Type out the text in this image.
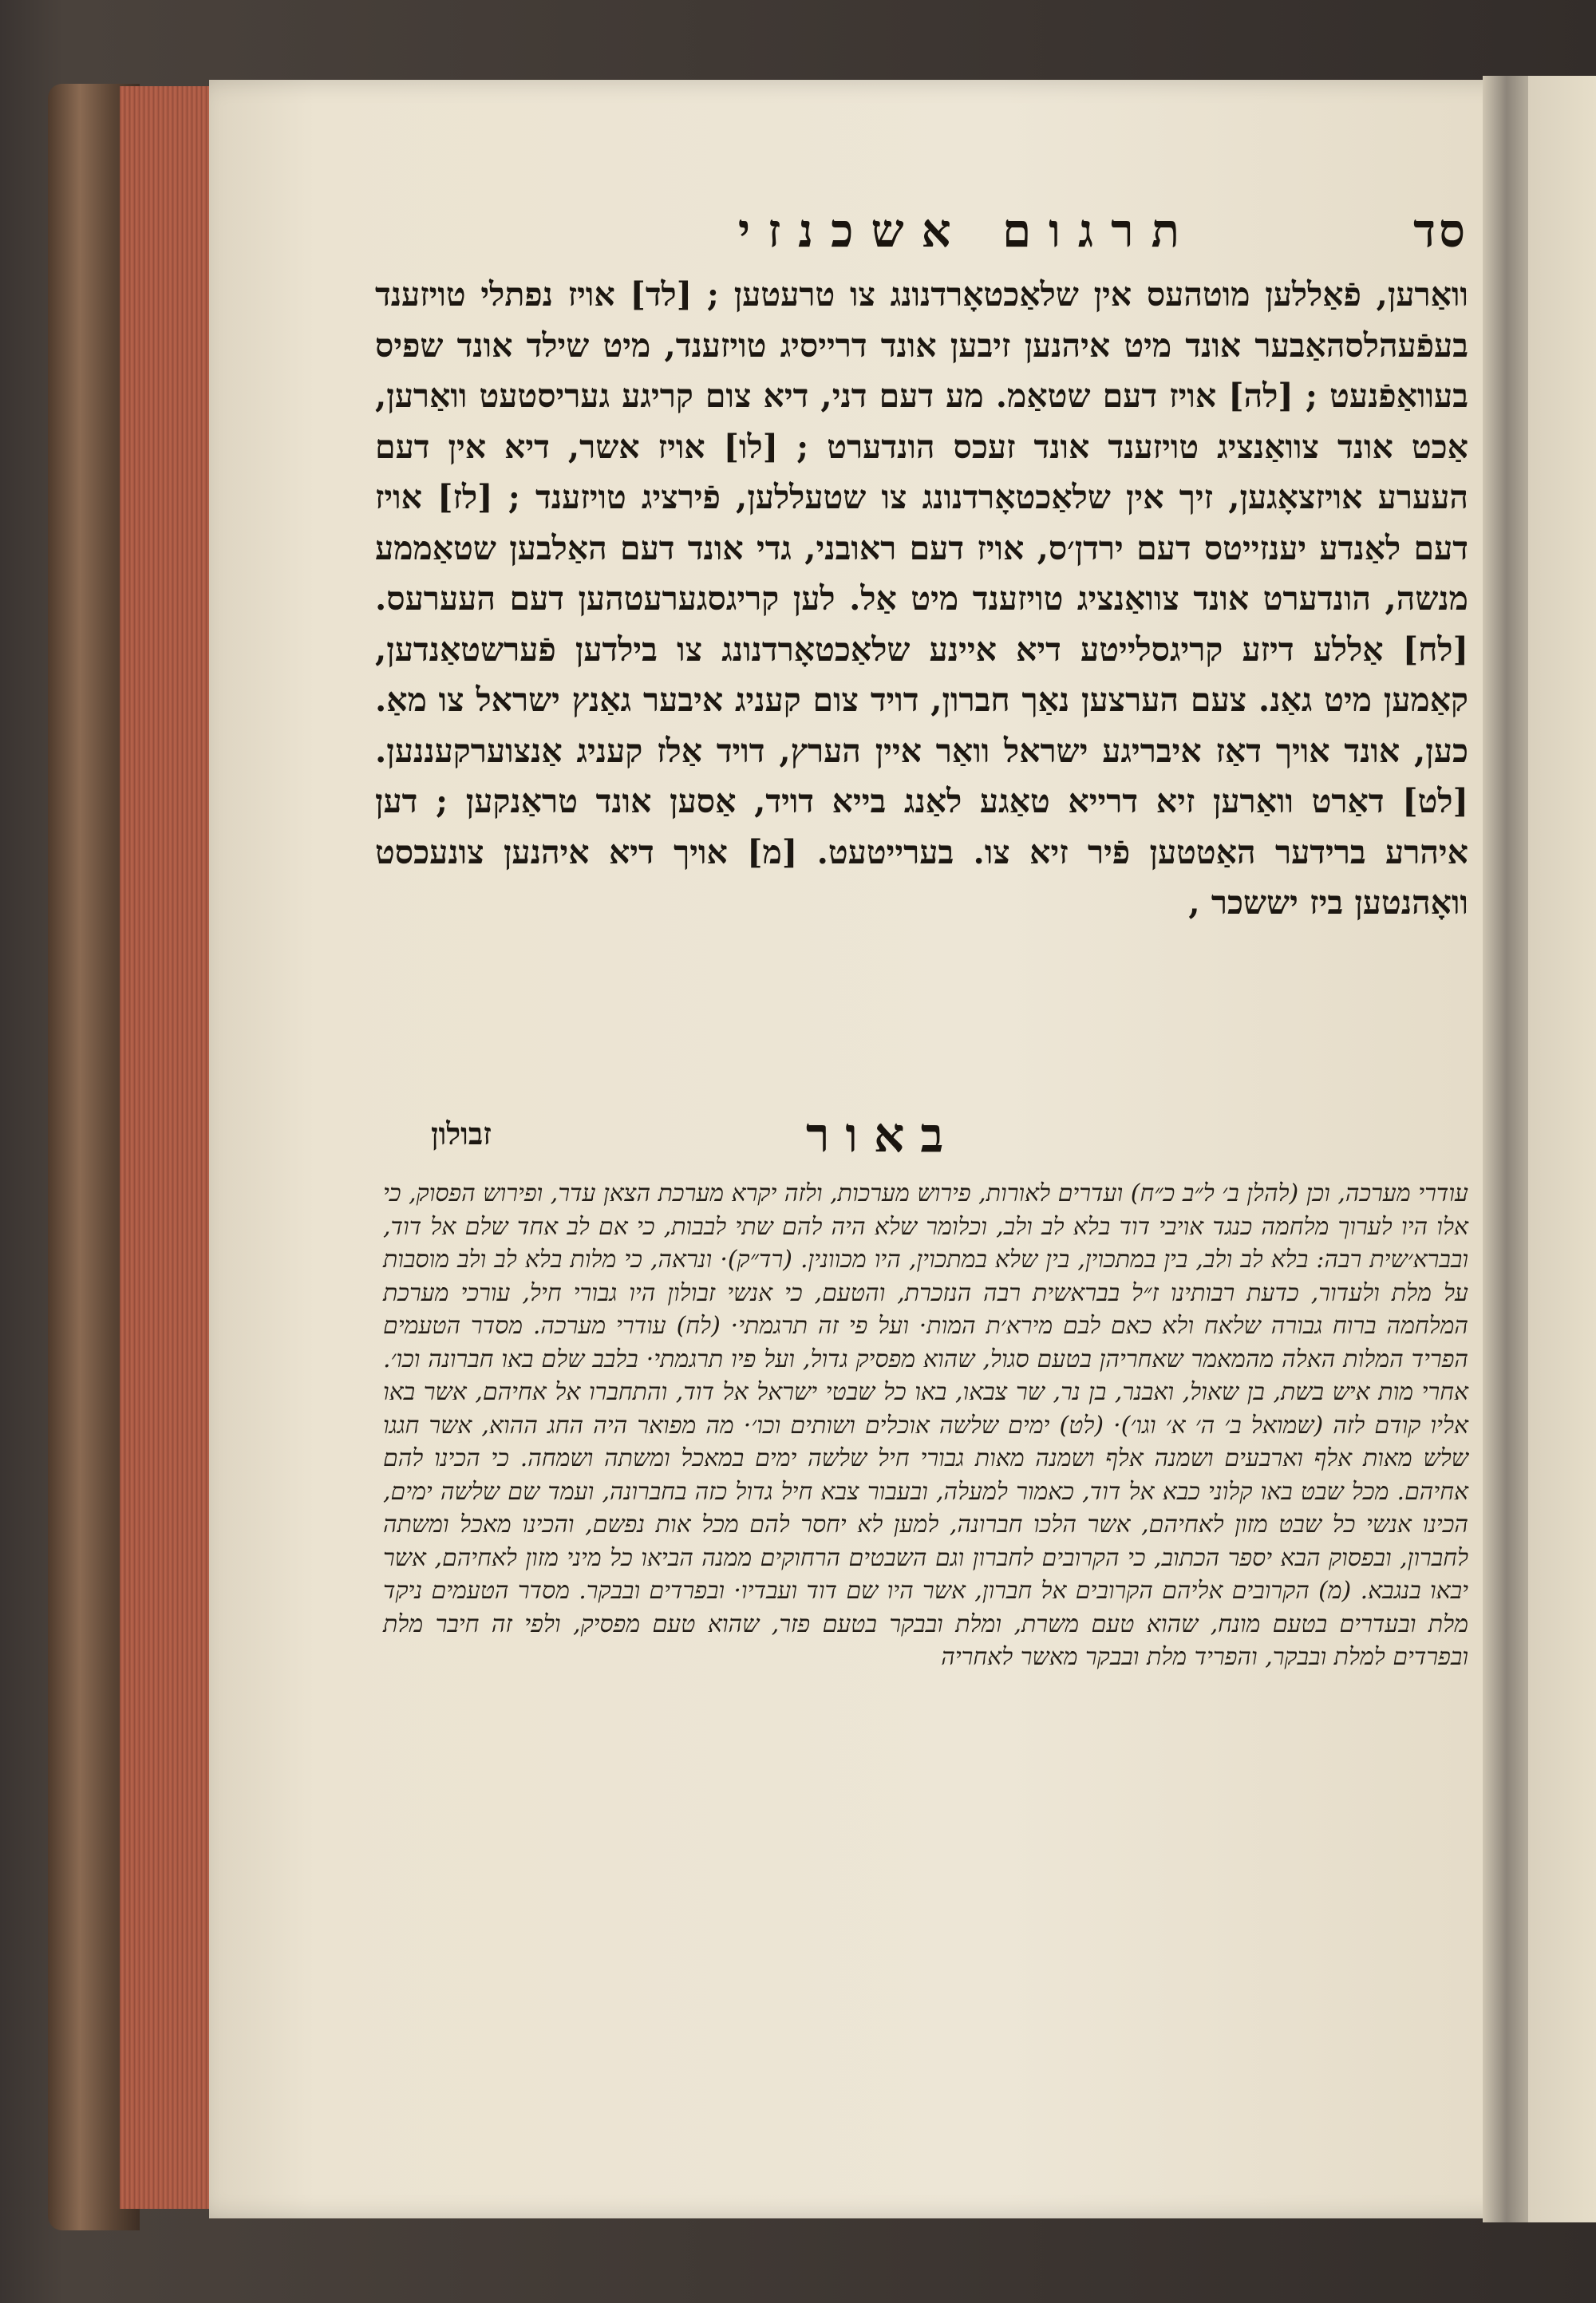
סד
תרגום אשכנזי
וואַרען, פֿאַללען מוטהעס אין שלאַכטאָרדנונג צו טרעטען ; [לד] אויז נפתלי טויזענד בעפֿעהלסהאַבער אונד מיט איהנען זיבען אונד דרייסיג טויזענד, מיט שילד אונד שפיס בעוואַפֿנעט ; [לה] אויז דעם שטאַמ. מע דעם דני, דיא צום קריגע געריסטעט וואַרען, אַכט אונד צוואַנציג טויזענד אונד זעכס הונדערט ; [לו] אויז אשר, דיא אין דעם העערע אויזצאָגען, זיך אין שלאַכטאָרדנונג צו שטעללען, פֿירציג טויזענד ; [לז] אויז דעם לאַנדע יענזייטס דעם ירדן׳ס, אויז דעם ראובני, גדי אונד דעם האַלבען שטאַממע מנשה, הונדערט אונד צוואַנציג טויזענד מיט אַל. לען קריגסגערעטהען דעם העערעס. [לח] אַללע דיזע קריגסלייטע דיא איינע שלאַכטאָרדנונג צו בילדען פֿערשטאַנדען, קאַמען מיט גאַנ. צעם הערצען נאַך חברון, דויד צום קעניג איבער גאַנץ ישראל צו מאַ. כען, אונד אויך דאַז איבריגע ישראל וואַר איין הערץ, דויד אַלז קעניג אַנצוערקעננען. [לט] דאַרט וואַרען זיא דרייא טאַגע לאַנג בייא דויד, אַסען אונד טראַנקען ; דען איהרע ברידער האַטטען פֿיר זיא צו. בערייטעט. [מ] אויך דיא איהנען צונעכסט וואָהנטען ביז יששכר ,
זבולון	באור
עודרי מערכה, וכן (להלן ב׳ ל״ב כ״ח) ועדרים לאורות, פירוש מערכות, ולזה יקרא מערכת הצאן עדר, ופירוש הפסוק, כי אלו היו לערוך מלחמה כנגד אויבי דוד בלא לב ולב, וכלומר שלא היה להם שתי לבבות, כי אם לב אחד שלם אל דוד, ובברא׳שית רבה: בלא לב ולב, בין במתכוין, בין שלא במתכוין, היו מכוונין. (רד״ק)· ונראה, כי מלות בלא לב ולב מוסבות על מלת ולעדור, כדעת רבותינו ז״ל בבראשית רבה הנזכרת, והטעם, כי אנשי זבולון היו גבורי חיל, עורכי מערכת המלחמה ברוח גבורה שלאח ולא כאם לבם מירא׳ת המות· ועל פי זה תרגמתי· (לח) עודרי מערכה. מסדר הטעמים הפריד המלות האלה מהמאמר שאחריהן בטעם סגול, שהוא מפסיק גדול, ועל פיו תרגמתי· בלבב שלם באו חברונה וכו׳. אחרי מות איש בשת, בן שאול, ואבנר, בן נר, שר צבאו, באו כל שבטי ישראל אל דוד, והתחברו אל אחיהם, אשר באו אליו קודם לזה (שמואל ב׳ ה׳ א׳ וגו׳)· (לט) ימים שלשה אוכלים ושותים וכו׳· מה מפואר היה החג ההוא, אשר חגגו שלש מאות אלף וארבעים ושמנה אלף ושמנה מאות גבורי חיל שלשה ימים במאכל ומשתה ושמחה. כי הכינו להם אחיהם. מכל שבט באו קלוני כבא אל דוד, כאמור למעלה, ובעבור צבא חיל גדול כזה בחברונה, ועמד שם שלשה ימים, הכינו אנשי כל שבט מזון לאחיהם, אשר הלכו חברונה, למען לא יחסר להם מכל אות נפשם, והכינו מאכל ומשתה לחברון, ובפסוק הבא יספר הכתוב, כי הקרובים לחברון וגם השבטים הרחוקים ממנה הביאו כל מיני מזון לאחיהם, אשר יבאו בנגבא. (מ) הקרובים אליהם הקרובים אל חברון, אשר היו שם דוד ועבדיו· ובפרדים ובבקר. מסדר הטעמים ניקד מלת ובעדרים בטעם מונח, שהוא טעם משרת, ומלת ובבקר בטעם פזר, שהוא טעם מפסיק, ולפי זה חיבר מלת ובפרדים למלת ובבקר, והפריד מלת ובבקר מאשר לאחריה
